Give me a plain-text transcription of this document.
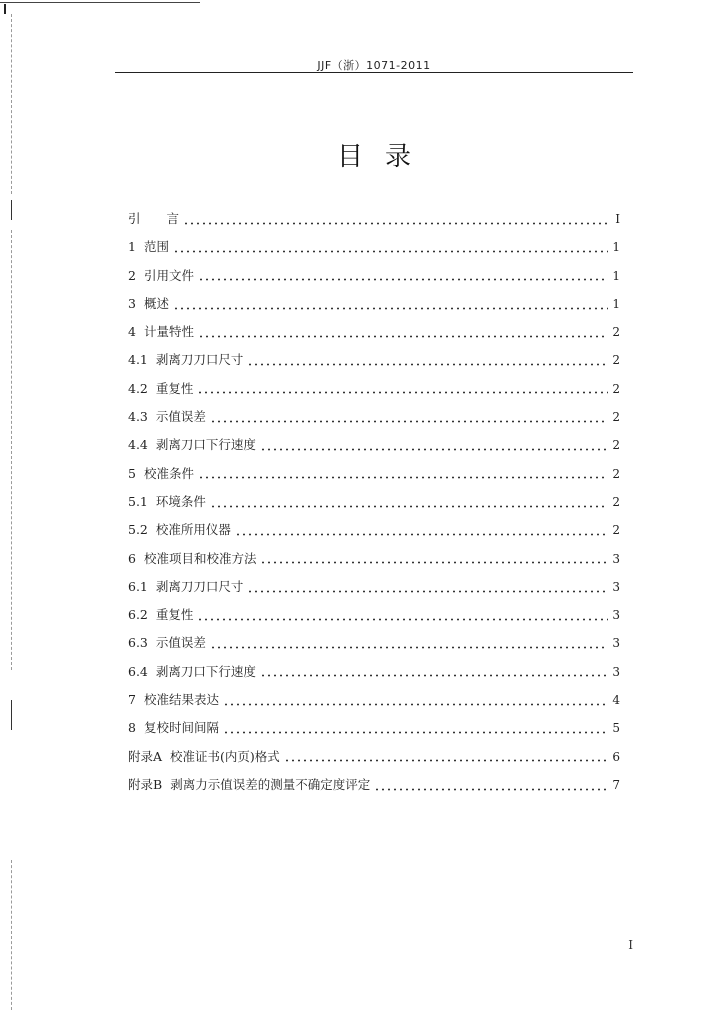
JJF（浙）1071-2011
目录
引	言	I
1 范围	1
2 引用文件	1
3 概述	1
4 计量特性	2
4.1 剥离刀刀口尺寸	2
4.2 重复性	2
4.3 示值误差	2
4.4 剥离刀口下行速度	2
5 校准条件	2
5.1 环境条件	2
5.2 校准所用仪器	2
6 校准项目和校准方法	3
6.1 剥离刀刀口尺寸	3
6.2 重复性	3
6.3 示值误差	3
6.4 剥离刀口下行速度	3
7 校准结果表达	4
8 复校时间间隔	5
附录A 校准证书(内页)格式	6
附录B 剥离力示值误差的测量不确定度评定	7
I
